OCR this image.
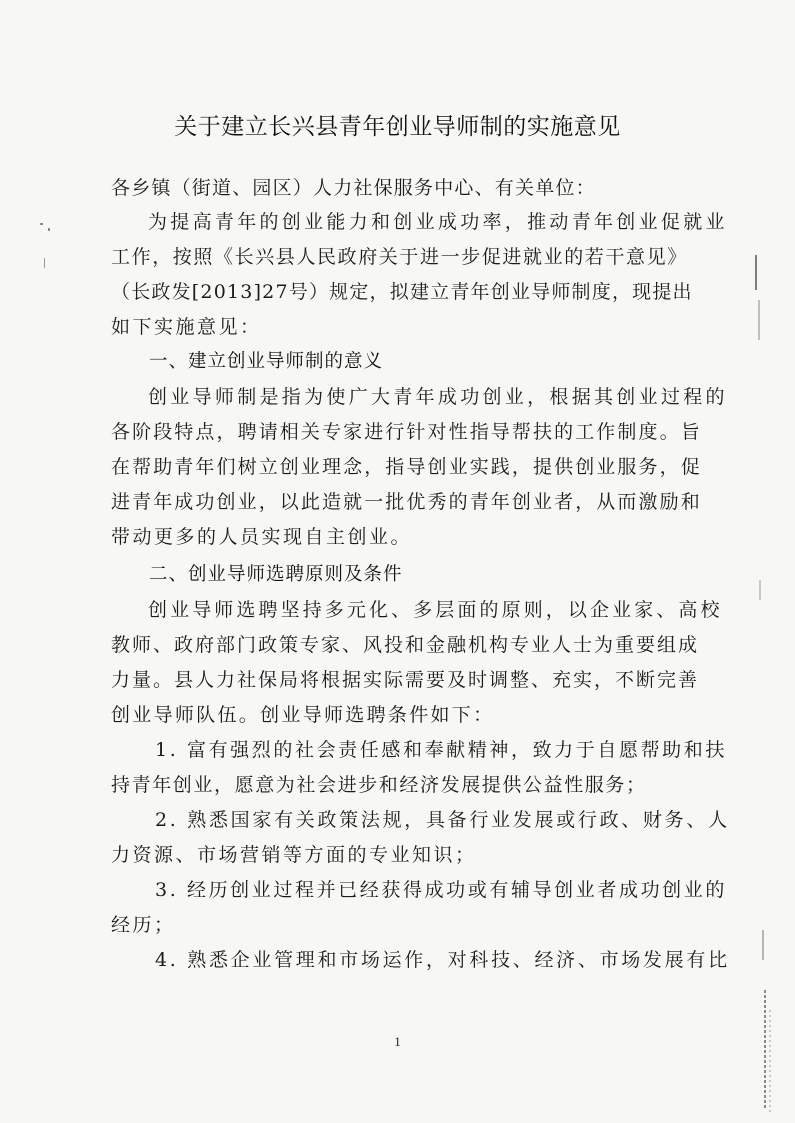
关于建立长兴县青年创业导师制的实施意见
各乡镇（街道、园区）人力社保服务中心、有关单位：
为提高青年的创业能力和创业成功率，推动青年创业促就业
工作，按照《长兴县人民政府关于进一步促进就业的若干意见》
（长政发[2013]27号）规定，拟建立青年创业导师制度，现提出
如下实施意见：
一、建立创业导师制的意义
创业导师制是指为使广大青年成功创业，根据其创业过程的
各阶段特点，聘请相关专家进行针对性指导帮扶的工作制度。旨
在帮助青年们树立创业理念，指导创业实践，提供创业服务，促
进青年成功创业，以此造就一批优秀的青年创业者，从而激励和
带动更多的人员实现自主创业。
二、创业导师选聘原则及条件
创业导师选聘坚持多元化、多层面的原则，以企业家、高校
教师、政府部门政策专家、风投和金融机构专业人士为重要组成
力量。县人力社保局将根据实际需要及时调整、充实，不断完善
创业导师队伍。创业导师选聘条件如下：
1. 富有强烈的社会责任感和奉献精神，致力于自愿帮助和扶
持青年创业，愿意为社会进步和经济发展提供公益性服务；
2. 熟悉国家有关政策法规，具备行业发展或行政、财务、人
力资源、市场营销等方面的专业知识；
3. 经历创业过程并已经获得成功或有辅导创业者成功创业的
经历；
4. 熟悉企业管理和市场运作，对科技、经济、市场发展有比
1
